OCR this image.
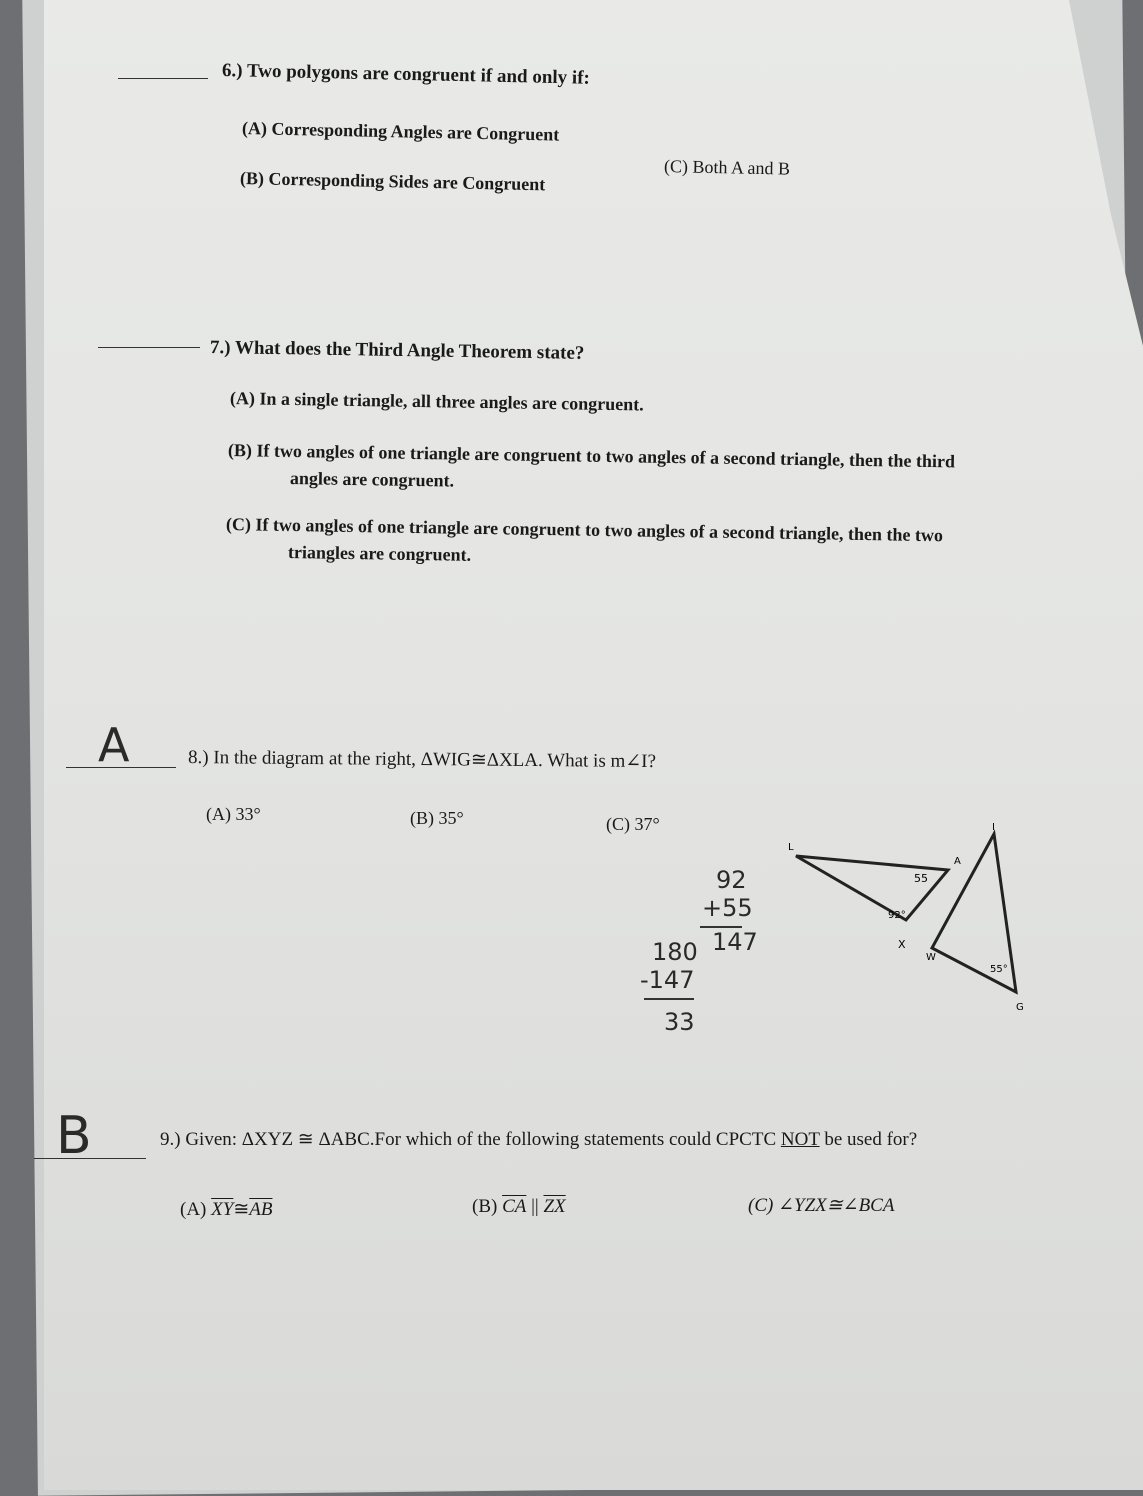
6.) Two polygons are congruent if and only if:
(A) Corresponding Angles are Congruent
(B) Corresponding Sides are Congruent
(C) Both A and B
7.) What does the Third Angle Theorem state?
(A) In a single triangle, all three angles are congruent.
(B) If two angles of one triangle are congruent to two angles of a second triangle, then the third
angles are congruent.
(C) If two angles of one triangle are congruent to two angles of a second triangle, then the two
triangles are congruent.
A	8.) In the diagram at the right, ΔWIG≅ΔXLA. What is m∠I?
(A) 33°	(B) 35°	(C) 37°
92
+55
147
180
-147
33
L
A
X
W
I
G
92°
55
55°
B	9.) Given: ΔXYZ ≅ ΔABC.For which of the following statements could CPCTC NOT be used for?
(A) $\overline{XY}≅\overline{AB}$	(B) $\overline{CA}$ || $\overline{ZX}$	(C) ∠YZX≅∠BCA
